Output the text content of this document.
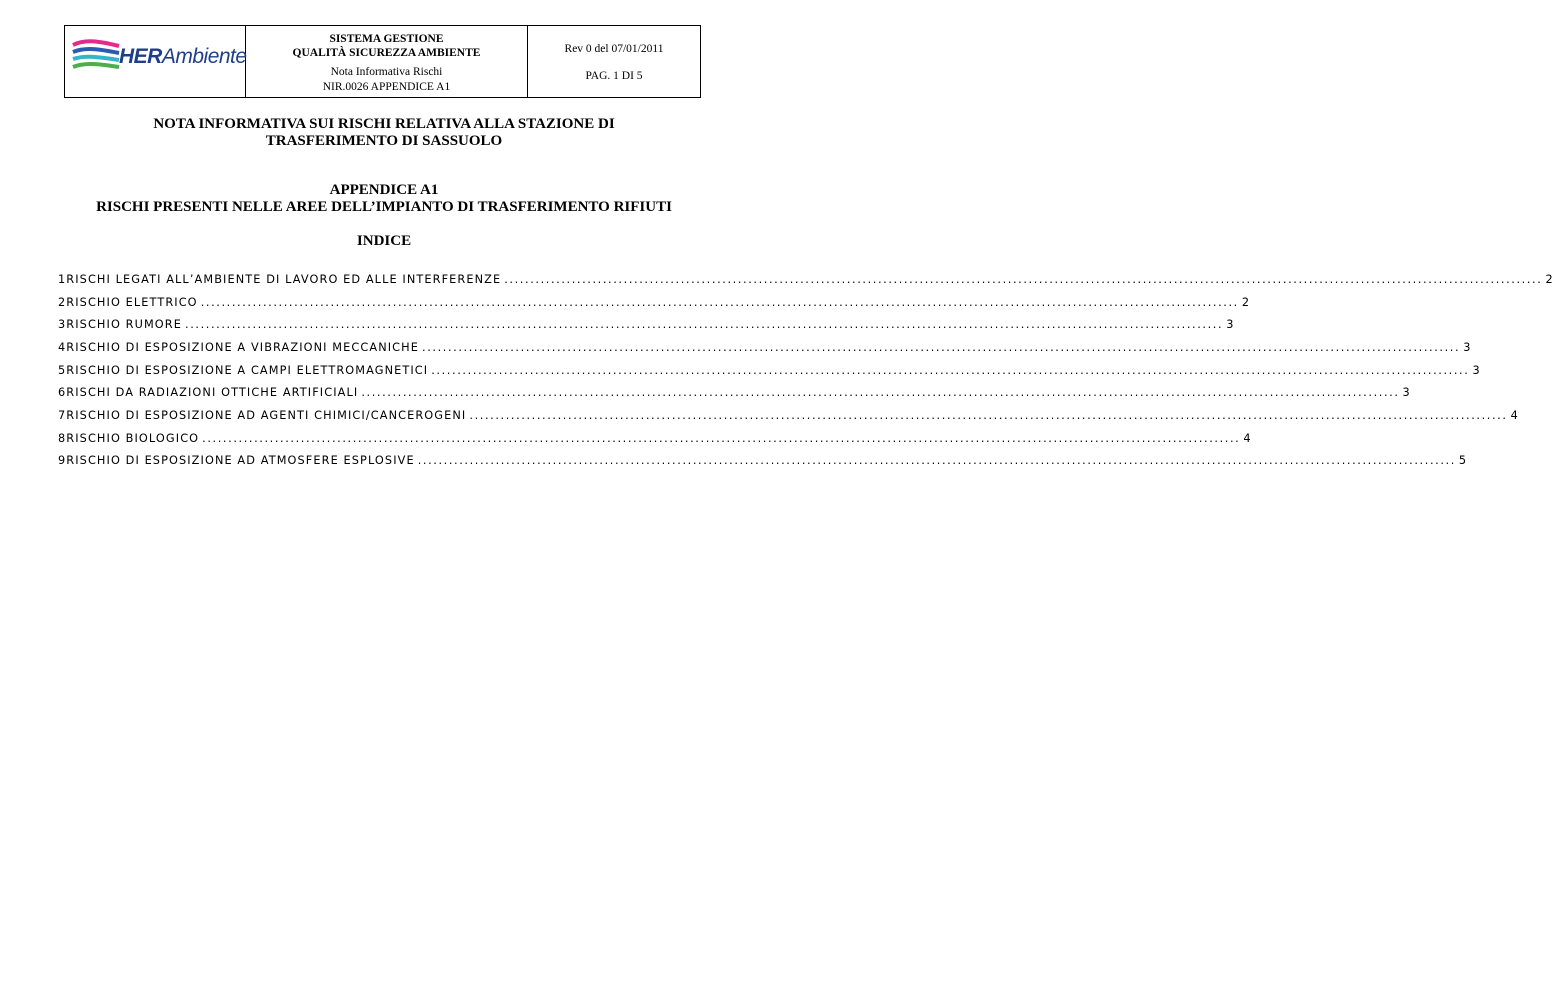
HERAmbiente
SISTEMA GESTIONE
QUALITÀ SICUREZZA AMBIENTE
Nota Informativa Rischi
NIR.0026 APPENDICE A1
Rev 0 del 07/01/2011
PAG. 1 DI 5
NOTA INFORMATIVA SUI RISCHI RELATIVA ALLA STAZIONE DI
TRASFERIMENTO DI SASSUOLO
APPENDICE A1
RISCHI PRESENTI NELLE AREE DELL’IMPIANTO DI TRASFERIMENTO RIFIUTI
INDICE
1 RISCHI LEGATI ALL’AMBIENTE DI LAVORO ED ALLE INTERFERENZE ........................................................................................................................................................................................................ 2
2 RISCHIO ELETTRICO ........................................................................................................................................................................................................ 2
3 RISCHIO RUMORE ........................................................................................................................................................................................................ 3
4 RISCHIO DI ESPOSIZIONE A VIBRAZIONI MECCANICHE ........................................................................................................................................................................................................ 3
5 RISCHIO DI ESPOSIZIONE A CAMPI ELETTROMAGNETICI ........................................................................................................................................................................................................ 3
6 RISCHI DA RADIAZIONI OTTICHE ARTIFICIALI ........................................................................................................................................................................................................ 3
7 RISCHIO DI ESPOSIZIONE AD AGENTI CHIMICI/CANCEROGENI ........................................................................................................................................................................................................ 4
8 RISCHIO BIOLOGICO ........................................................................................................................................................................................................ 4
9 RISCHIO DI ESPOSIZIONE AD ATMOSFERE ESPLOSIVE ........................................................................................................................................................................................................ 5
